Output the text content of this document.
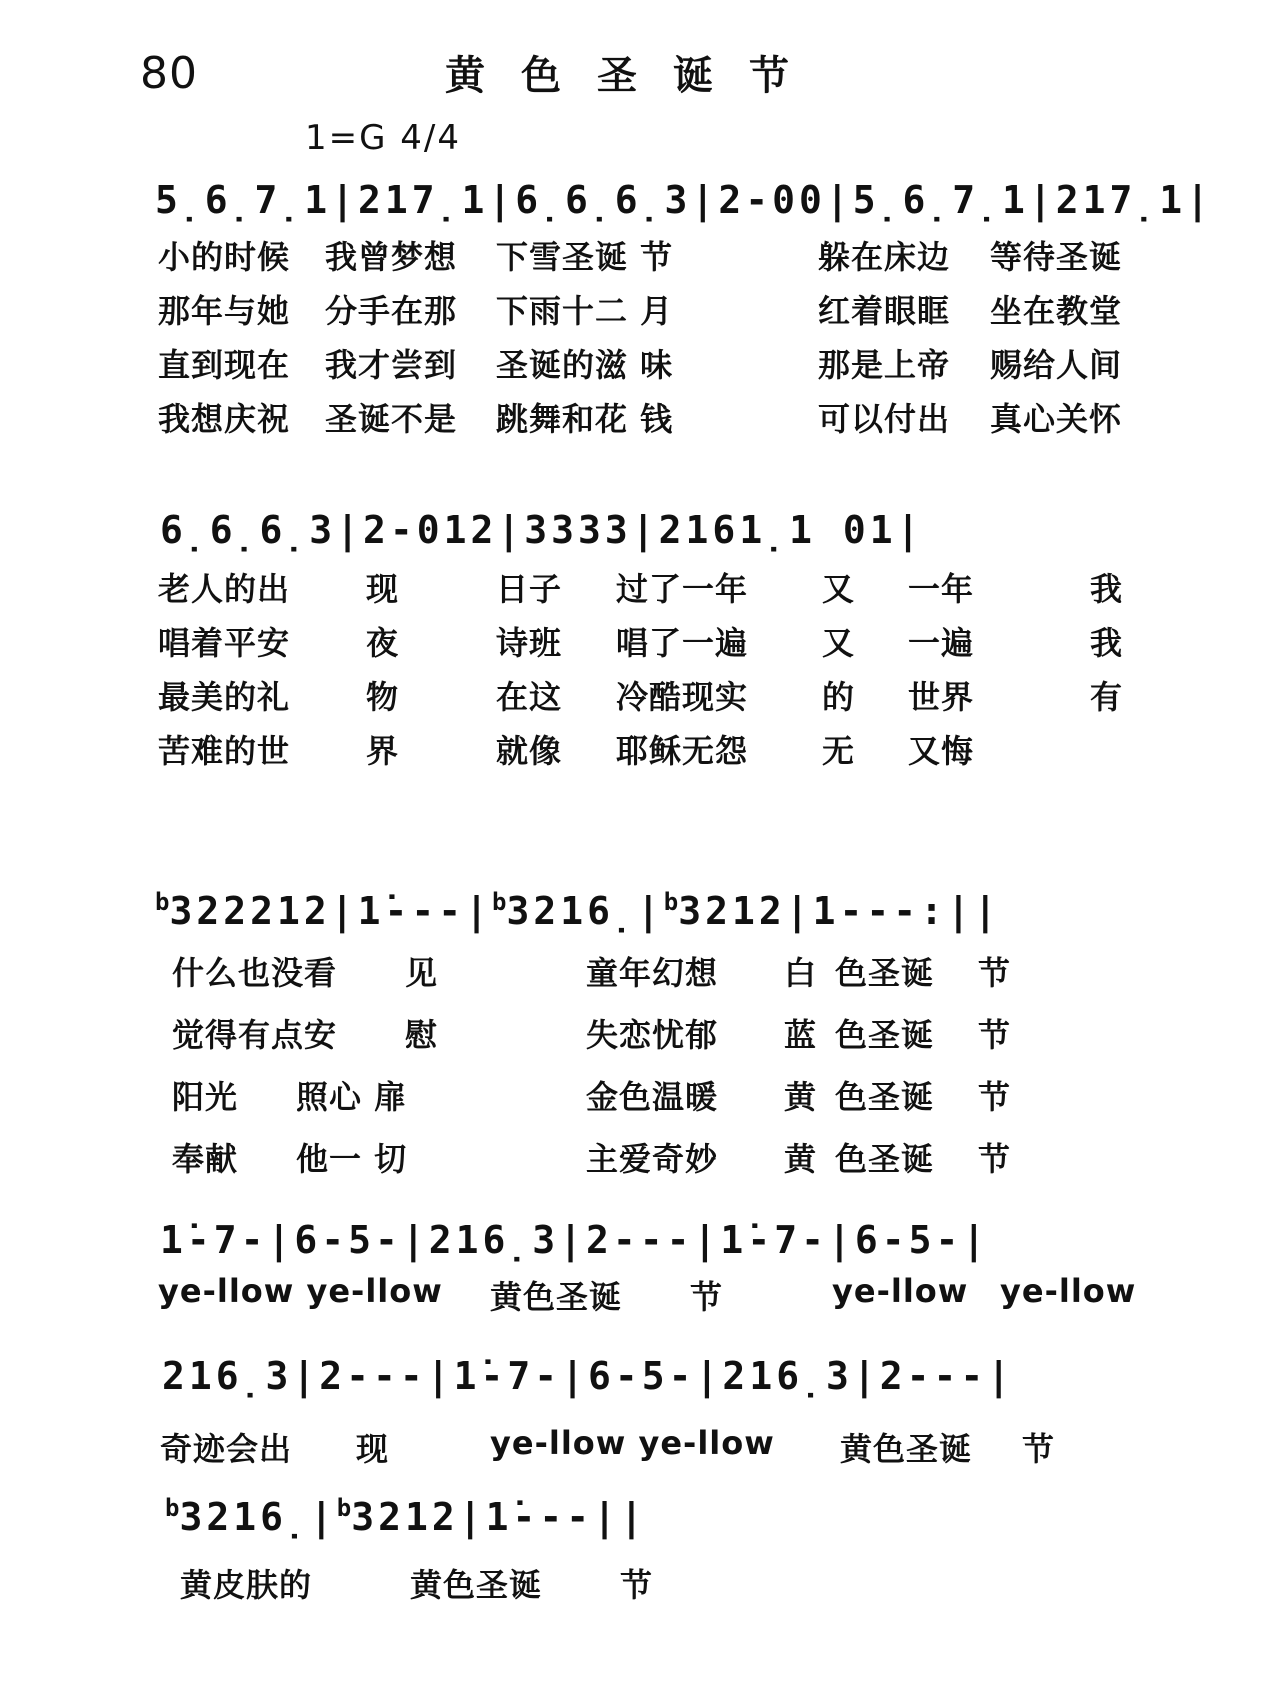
80	黄色圣诞节
1=G 4/4
5̣6̣7̣1|217̣1|6̣6̣6̣3|2-00|5̣6̣7̣1|217̣1|
小的时候 我曾梦想 下雪圣诞 节	躲在床边 等待圣诞
那年与她 分手在那 下雨十二 月	红着眼眶 坐在教堂
直到现在 我才尝到 圣诞的滋 味	那是上帝 赐给人间
我想庆祝 圣诞不是 跳舞和花 钱	可以付出 真心关怀
6̣6̣6̣3|2-012|3333|2161̣1 01|
老人的出 现	日子 过了一年 又 一年	我
唱着平安 夜	诗班 唱了一遍 又 一遍	我
最美的礼 物	在这 冷酷现实 的 世界	有
苦难的世 界	就像 耶稣无怨 无 又悔
$^b322212|1̇---|^b3216̣|^b3212|1---:||$
什么也没看 见	童年幻想 白 色圣诞 节
觉得有点安 慰	失恋忧郁 蓝 色圣诞 节
阳光 照心 扉	金色温暖 黄 色圣诞 节
奉献 他一 切	主爱奇妙 黄 色圣诞 节
1̇-7-|6-5-|216̣3|2---|1̇-7-|6-5-|
ye-llow ye-llow 黄色圣诞 节	ye-llow ye-llow
216̣3|2---|1̇-7-|6-5-|216̣3|2---|
奇迹会出 现	ye-llow ye-llow 黄色圣诞 节
$^b3216̣|^b3212|1̇---||$
黄皮肤的	黄色圣诞 节
